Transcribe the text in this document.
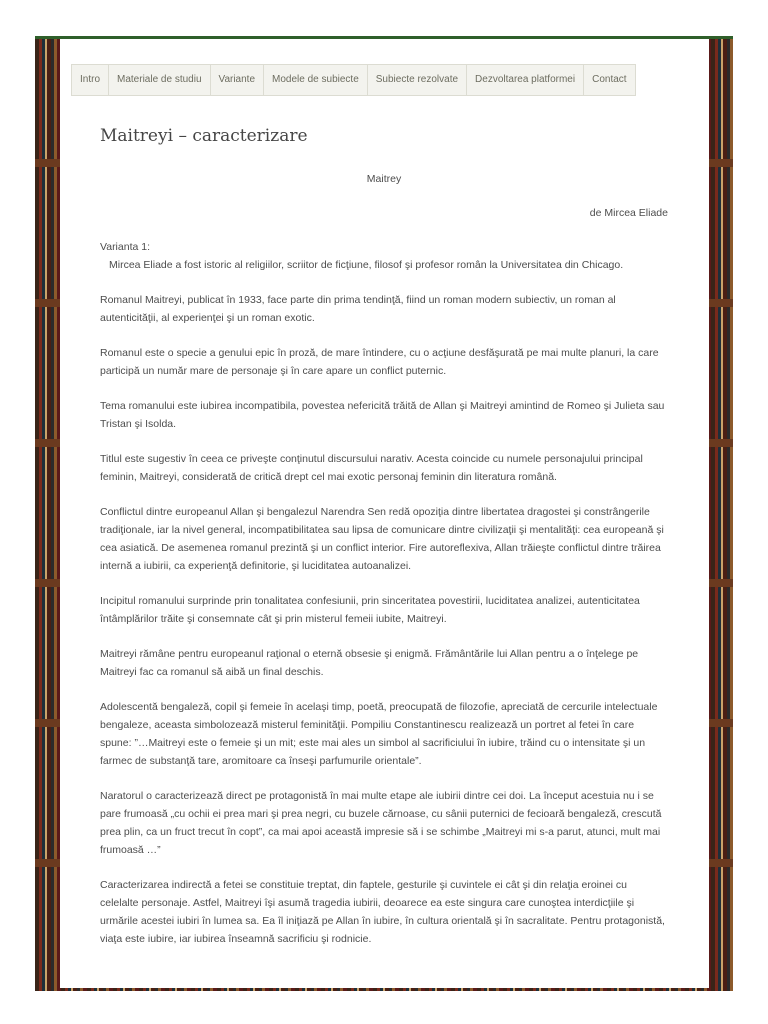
Intro	Materiale de studiu	Variante	Modele de subiecte	Subiecte rezolvate	Dezvoltarea platformei	Contact
Maitreyi – caracterizare
Maitrey
de Mircea Eliade
Varianta 1:

Mircea Eliade a fost istoric al religiilor, scriitor de ficţiune, filosof şi profesor român la Universitatea din Chicago.

Romanul Maitreyi, publicat în 1933, face parte din prima tendinţă, fiind un roman modern subiectiv, un roman al autenticităţii, al experienţei şi un roman exotic.

Romanul este o specie a genului epic în proză, de mare întindere, cu o acţiune desfăşurată pe mai multe planuri, la care participă un număr mare de personaje şi în care apare un conflict puternic.

Tema romanului este iubirea incompatibila, povestea nefericită trăită de Allan şi Maitreyi amintind de Romeo şi Julieta sau Tristan şi Isolda.

Titlul este sugestiv în ceea ce priveşte conţinutul discursului narativ. Acesta coincide cu numele personajului principal feminin, Maitreyi, considerată de critică drept cel mai exotic personaj feminin din literatura română.

Conflictul dintre europeanul Allan şi bengalezul Narendra Sen redă opoziţia dintre libertatea dragostei şi constrângerile tradiţionale, iar la nivel general, incompatibilitatea sau lipsa de comunicare dintre civilizaţii şi mentalităţi: cea europeană şi cea asiatică. De asemenea romanul prezintă şi un conflict interior. Fire autoreflexiva, Allan trăieşte conflictul dintre trăirea internă a iubirii, ca experienţă definitorie, şi luciditatea autoanalizei.

Incipitul romanului surprinde prin tonalitatea confesiunii, prin sinceritatea povestirii, luciditatea analizei, autenticitatea întâmplărilor trăite şi consemnate cât şi prin misterul femeii iubite, Maitreyi.

Maitreyi rămâne pentru europeanul raţional o eternă obsesie şi enigmă. Frământările lui Allan pentru a o înţelege pe Maitreyi fac ca romanul să aibă un final deschis.

Adolescentă bengaleză, copil şi femeie în acelaşi timp, poetă, preocupată de filozofie, apreciată de cercurile intelectuale bengaleze, aceasta simbolozează misterul feminităţii. Pompiliu Constantinescu realizează un portret al fetei în care spune: ”…Maitreyi este o femeie şi un mit; este mai ales un simbol al sacrificiului în iubire, trăind cu o intensitate şi un farmec de substanţă tare, aromitoare ca înseşi parfumurile orientale”.

Naratorul o caracterizează direct pe protagonistă în mai multe etape ale iubirii dintre cei doi. La început acestuia nu i se pare frumoasă „cu ochii ei prea mari şi prea negri, cu buzele cărnoase, cu sânii puternici de fecioară bengaleză, crescută prea plin, ca un fruct trecut în copt”, ca mai apoi această impresie să i se schimbe „Maitreyi mi s-a parut, atunci, mult mai frumoasă …”

Caracterizarea indirectă a fetei se constituie treptat, din faptele, gesturile şi cuvintele ei cât şi din relaţia eroinei cu celelalte personaje. Astfel, Maitreyi îşi asumă tragedia iubirii, deoarece ea este singura care cunoştea interdicţiile şi urmările acestei iubiri în lumea sa. Ea îl iniţiază pe Allan în iubire, în cultura orientală şi în sacralitate. Pentru protagonistă, viaţa este iubire, iar iubirea înseamnă sacrificiu şi rodnicie.
